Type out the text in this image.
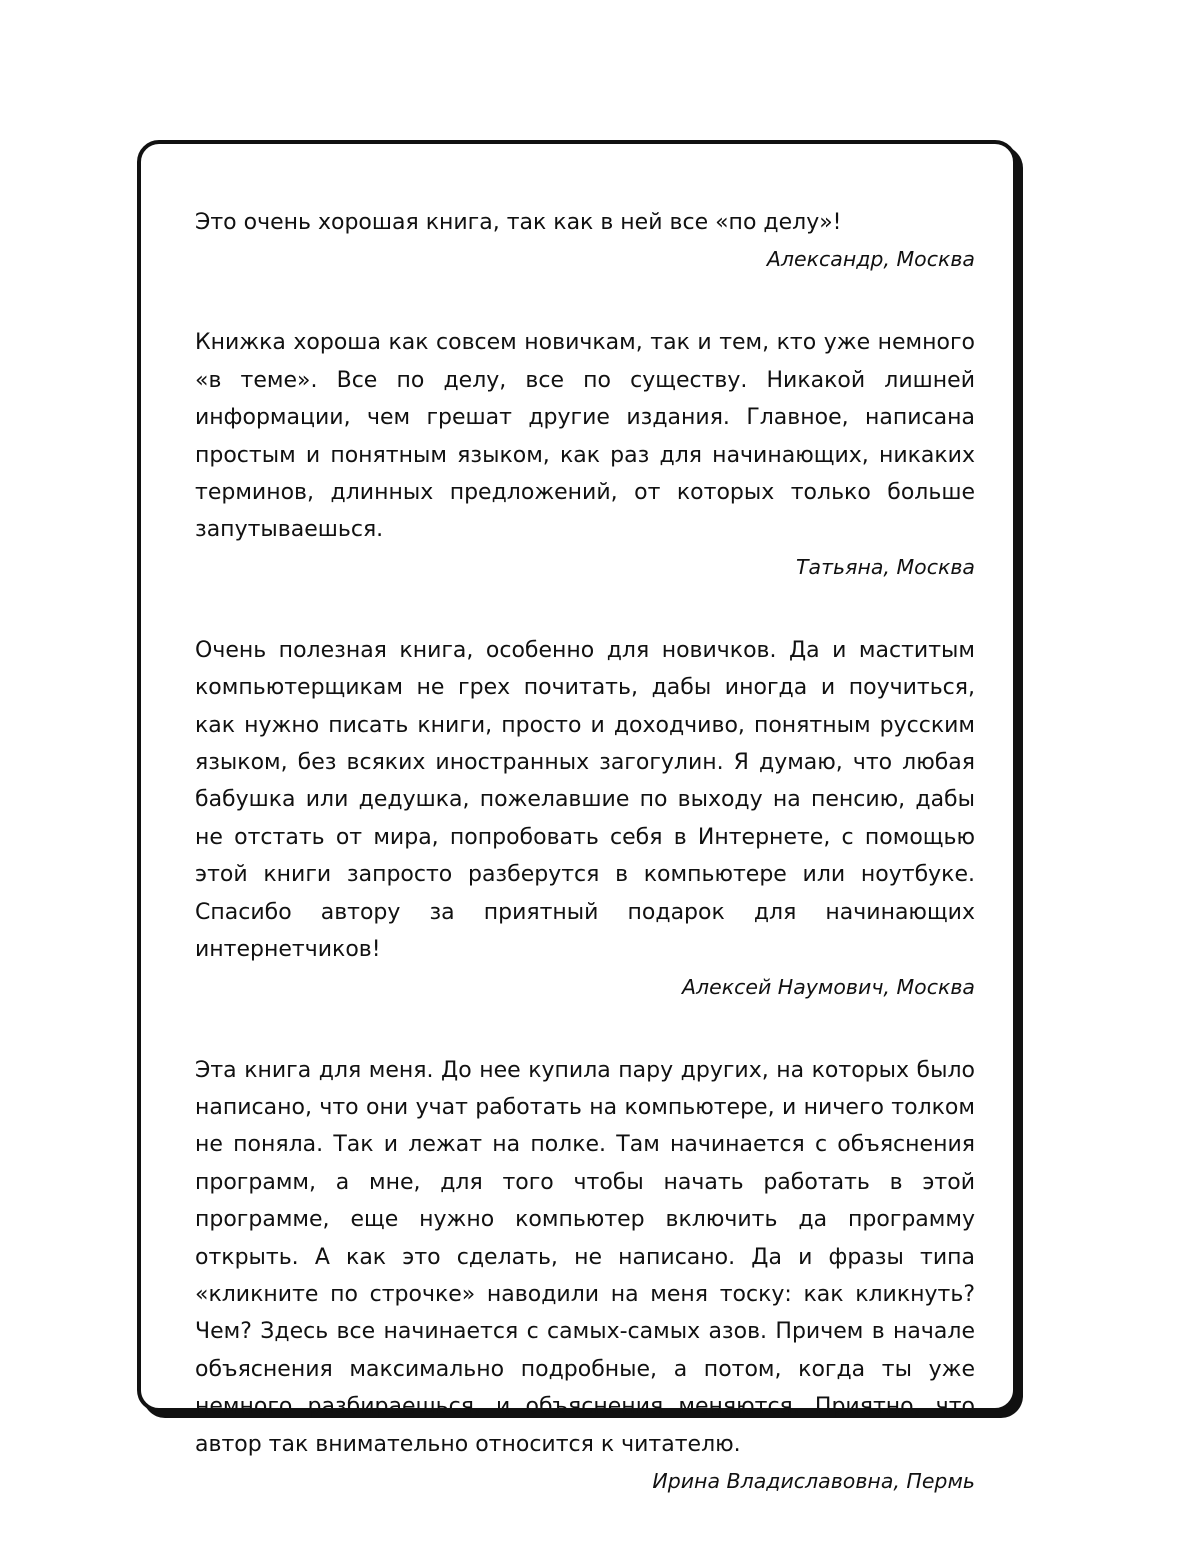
Это очень хорошая книга, так как в ней все «по делу»!

Александр, Москва

Книжка хороша как совсем новичкам, так и тем, кто уже немного «в теме». Все по делу, все по существу. Никакой лишней информации, чем грешат другие издания. Главное, написана простым и понятным языком, как раз для начинающих, никаких терминов, длинных предложений, от которых только больше запутываешься.

Татьяна, Москва

Очень полезная книга, особенно для новичков. Да и маститым компьютерщикам не грех почитать, дабы иногда и поучиться, как нужно писать книги, просто и доходчиво, понятным русским языком, без всяких иностранных загогулин. Я думаю, что любая бабушка или дедушка, пожелавшие по выходу на пенсию, дабы не отстать от мира, попробовать себя в Интернете, с помощью этой книги запросто разберутся в компьютере или ноутбуке. Спасибо автору за приятный подарок для начинающих интернетчиков!

Алексей Наумович, Москва

Эта книга для меня. До нее купила пару других, на которых было написано, что они учат работать на компьютере, и ничего толком не поняла. Так и лежат на полке. Там начинается с объяснения программ, а мне, для того чтобы начать работать в этой программе, еще нужно компьютер включить да программу открыть. А как это сделать, не написано. Да и фразы типа «кликните по строчке» наводили на меня тоску: как кликнуть? Чем? Здесь все начинается с самых-самых азов. Причем в начале объяснения максимально подробные, а потом, когда ты уже немного разбираешься, и объяснения меняются. Приятно, что автор так внимательно относится к читателю.

Ирина Владиславовна, Пермь
